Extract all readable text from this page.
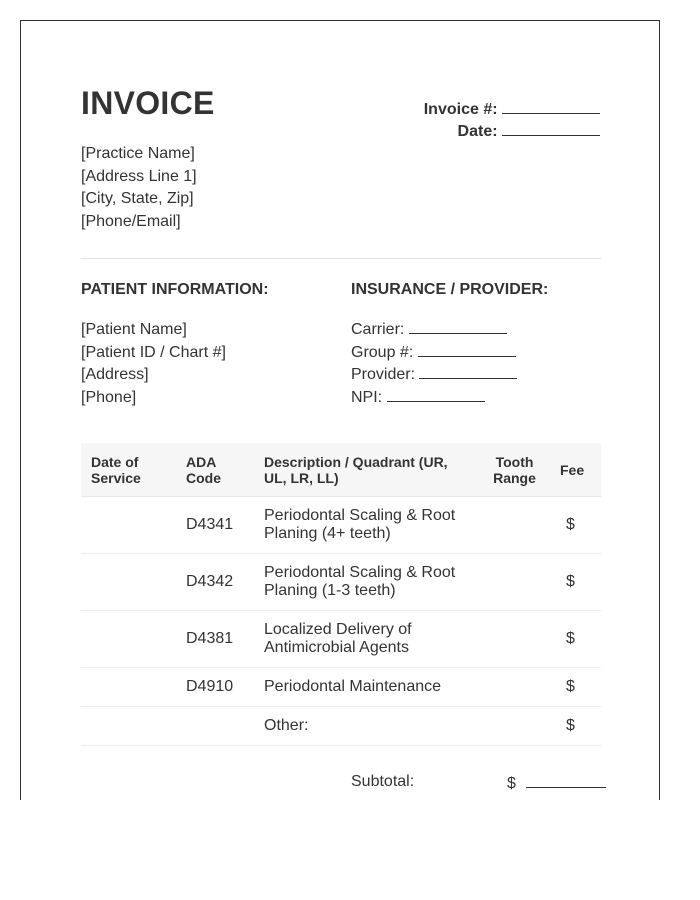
INVOICE	Invoice #:
Date:
[Practice Name]
[Address Line 1]
[City, State, Zip]
[Phone/Email]
PATIENT INFORMATION:
[Patient Name]
[Patient ID / Chart #]
[Address]
[Phone]
INSURANCE / PROVIDER:
Carrier:
Group #:
Provider:
NPI:
Date of Service	ADA Code	Description / Quadrant (UR, UL, LR, LL)	Tooth Range	Fee
	D4341	Periodontal Scaling & Root Planing (4+ teeth)		$
	D4342	Periodontal Scaling & Root Planing (1-3 teeth)		$
	D4381	Localized Delivery of Antimicrobial Agents		$
	D4910	Periodontal Maintenance		$
		Other:		$
Subtotal:	$
